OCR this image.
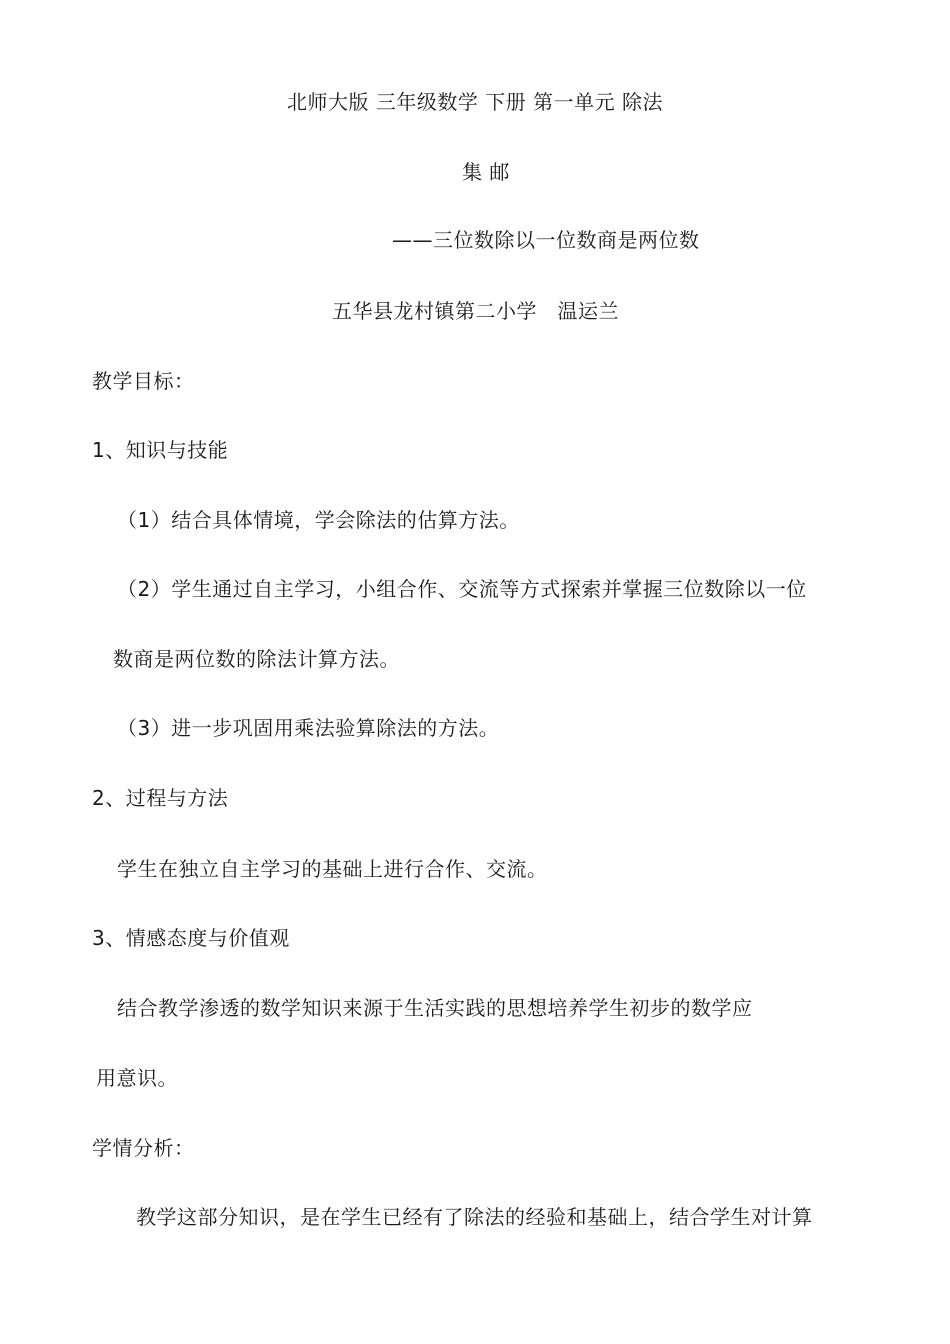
北师大版 三年级数学 下册 第一单元 除法
集 邮
——三位数除以一位数商是两位数
五华县龙村镇第二小学　温运兰
教学目标：
1、知识与技能
（1）结合具体情境，学会除法的估算方法。
（2）学生通过自主学习，小组合作、交流等方式探索并掌握三位数除以一位
数商是两位数的除法计算方法。
（3）进一步巩固用乘法验算除法的方法。
2、过程与方法
学生在独立自主学习的基础上进行合作、交流。
3、情感态度与价值观
结合教学渗透的数学知识来源于生活实践的思想培养学生初步的数学应
用意识。
学情分析：
教学这部分知识，是在学生已经有了除法的经验和基础上，结合学生对计算
